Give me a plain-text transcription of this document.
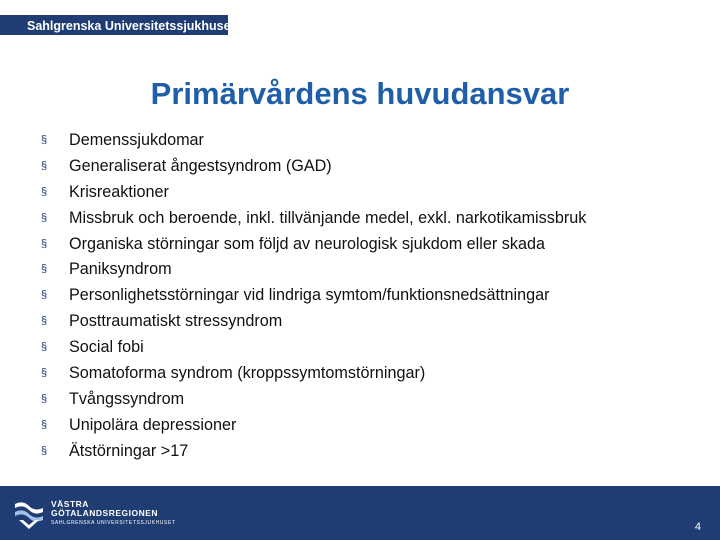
Sahlgrenska Universitetssjukhuset
Primärvårdens huvudansvar
§	Demenssjukdomar
§	Generaliserat ångestsyndrom (GAD)
§	Krisreaktioner
§	Missbruk och beroende, inkl. tillvänjande medel, exkl. narkotikamissbruk
§	Organiska störningar som följd av neurologisk sjukdom eller skada
§	Paniksyndrom
§	Personlighetsstörningar vid lindriga symtom/funktionsnedsättningar
§	Posttraumatiskt stressyndrom
§	Social fobi
§	Somatoforma syndrom (kroppssymtomstörningar)
§	Tvångssyndrom
§	Unipolära depressioner
§	Ätstörningar >17
VÄSTRA
GÖTALANDSREGIONEN
SAHLGRENSKA UNIVERSITETSSJUKHUSET	4
